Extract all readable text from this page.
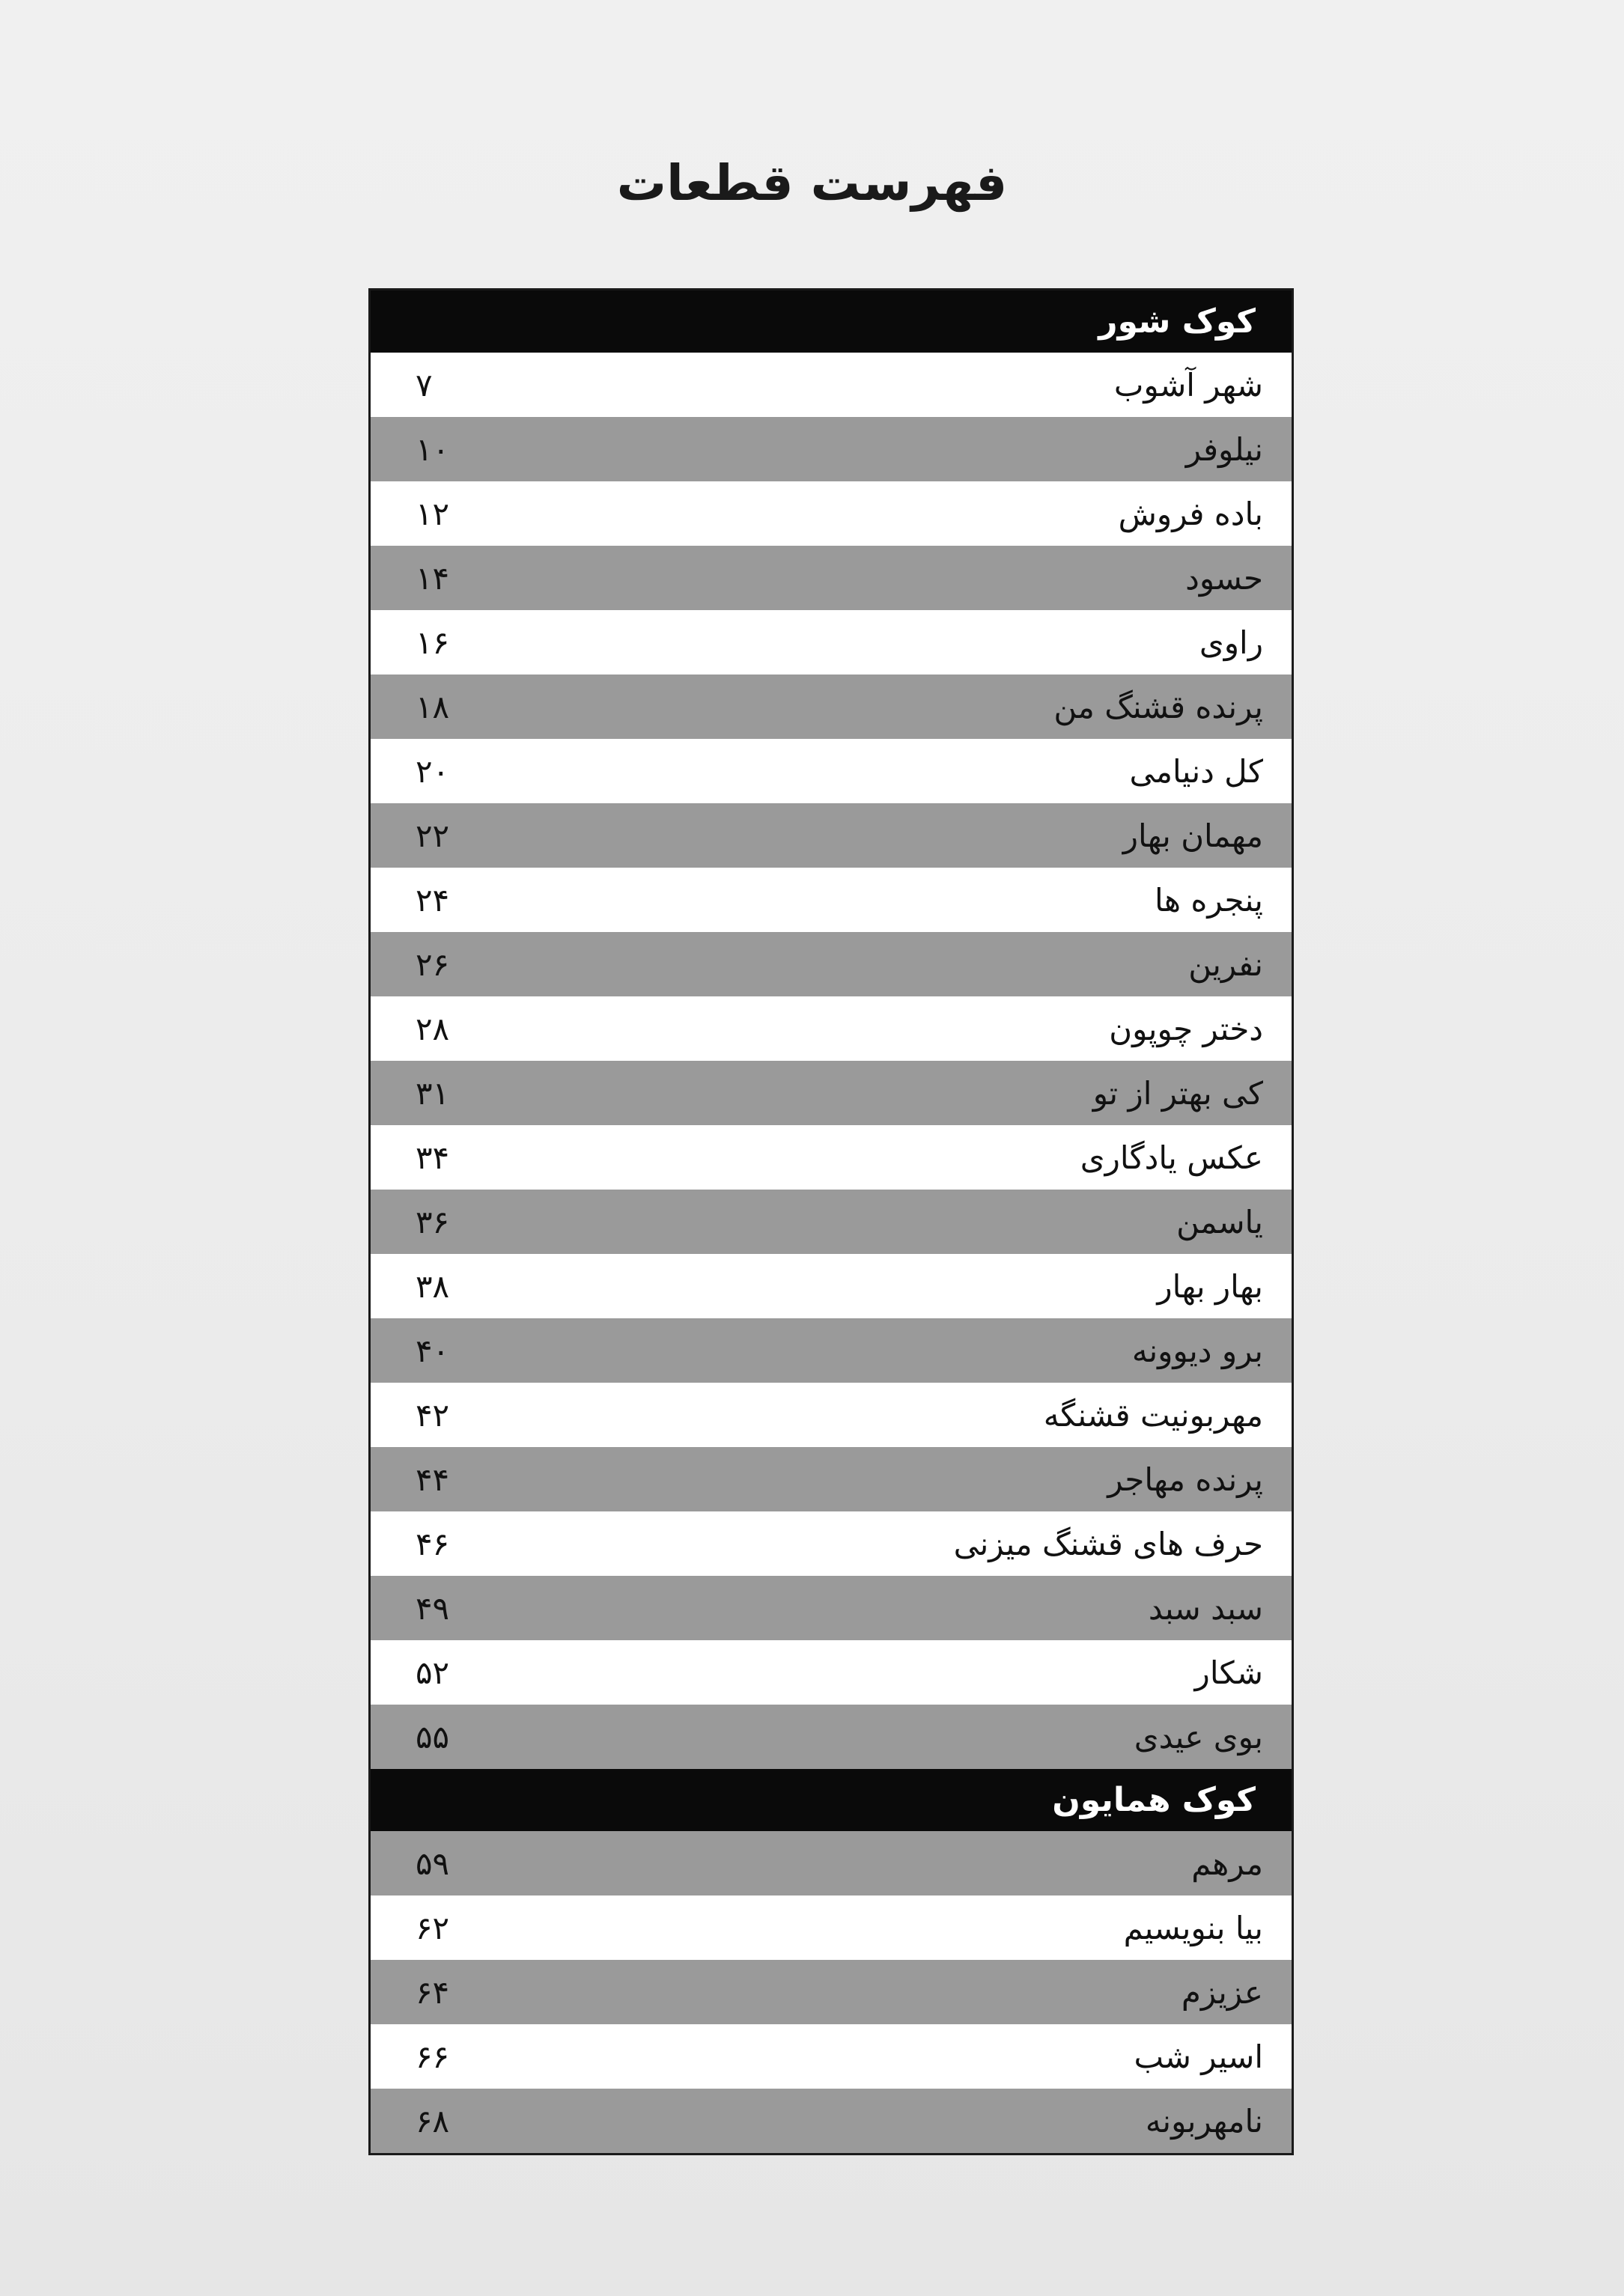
فهرست قطعات
کوک شور
شهر آشوب
۷
نیلوفر
۱۰
باده فروش
۱۲
حسود
۱۴
راوی
۱۶
پرنده قشنگ من
۱۸
کل دنیامی
۲۰
مهمان بهار
۲۲
پنجره ها
۲۴
نفرین
۲۶
دختر چوپون
۲۸
کی بهتر از تو
۳۱
عکس یادگاری
۳۴
یاسمن
۳۶
بهار بهار
۳۸
برو دیوونه
۴۰
مهربونیت قشنگه
۴۲
پرنده مهاجر
۴۴
حرف های قشنگ میزنی
۴۶
سبد سبد
۴۹
شکار
۵۲
بوی عیدی
۵۵
کوک همایون
مرهم
۵۹
بیا بنویسیم
۶۲
عزیزم
۶۴
اسیر شب
۶۶
نامهربونه
۶۸
